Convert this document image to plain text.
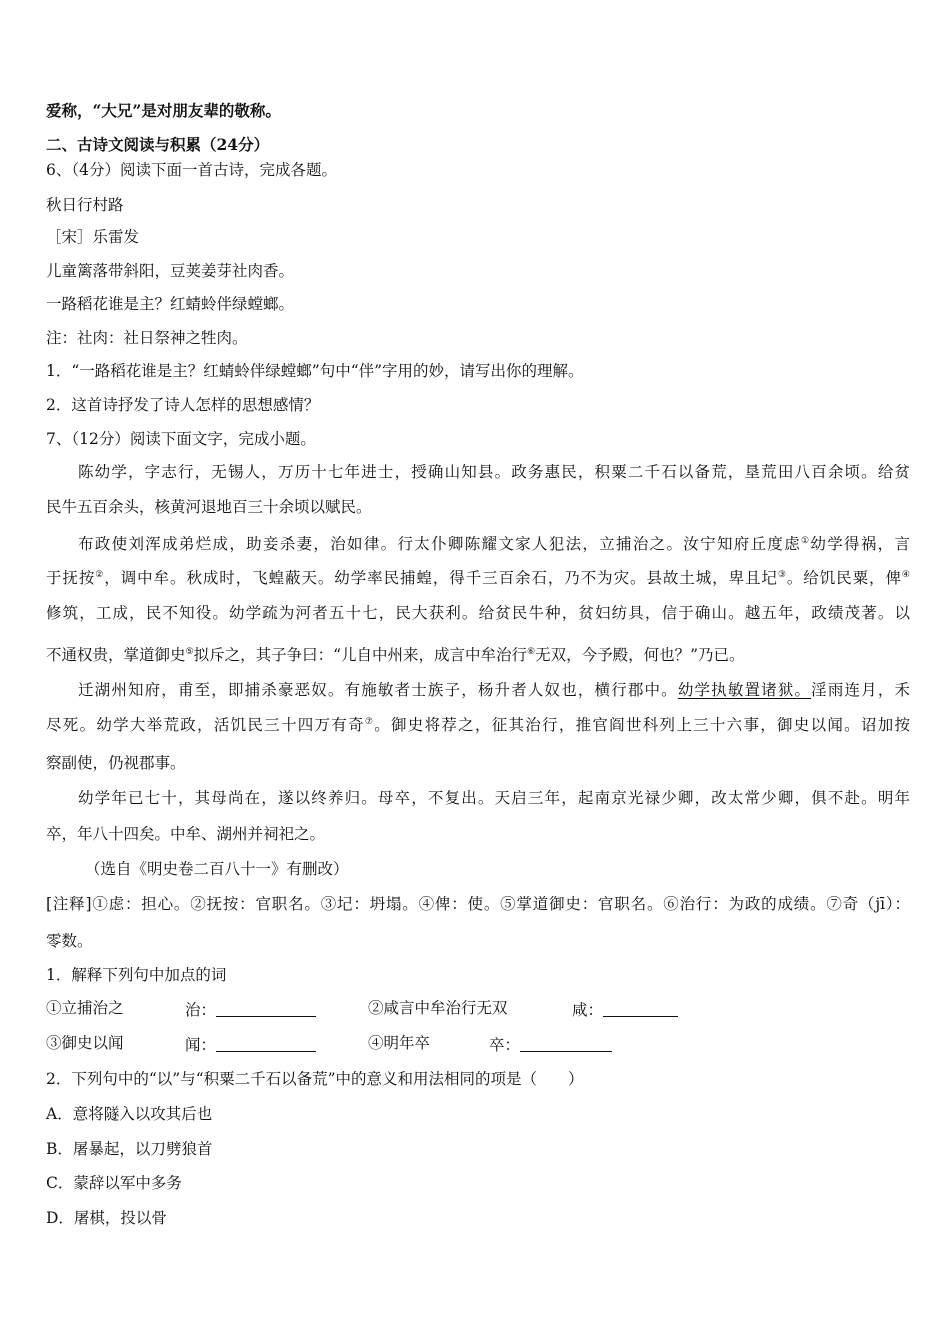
爱称，“大兄”是对朋友辈的敬称。
二、古诗文阅读与积累（24分）
6、（4分）阅读下面一首古诗，完成各题。
秋日行村路
［宋］乐雷发
儿童篱落带斜阳，豆荚姜芽社肉香。
一路稻花谁是主？红蜻蛉伴绿螳螂。
注：社肉：社日祭神之牲肉。
1．“一路稻花谁是主？红蜻蛉伴绿螳螂”句中“伴”字用的妙，请写出你的理解。
2．这首诗抒发了诗人怎样的思想感情？
7、（12分）阅读下面文字，完成小题。
陈幼学，字志行，无锡人，万历十七年进士，授确山知县。政务惠民，积粟二千石以备荒，垦荒田八百余顷。给贫
民牛五百余头，核黄河退地百三十余顷以赋民。
布政使刘浑成弟烂成，助妾杀妻，治如律。行太仆卿陈耀文家人犯法，立捕治之。汝宁知府丘度虑①幼学得祸，言
于抚按②，调中牟。秋成时，飞蝗蔽天。幼学率民捕蝗，得千三百余石，乃不为灾。县故土城，卑且圮③。给饥民粟，俾④
修筑，工成，民不知役。幼学疏为河者五十七，民大获利。给贫民牛种，贫妇纺具，信于确山。越五年，政绩茂著。以
不通权贵，掌道御史⑤拟斥之，其子争曰：“儿自中州来，成言中牟治行⑥无双，今予殿，何也？”乃已。
迁湖州知府，甫至，即捕杀豪恶奴。有施敏者士族子，杨升者人奴也，横行郡中。幼学执敏置诸狱。淫雨连月，禾
尽死。幼学大举荒政，活饥民三十四万有奇⑦。御史将荐之，征其治行，推官阎世科列上三十六事，御史以闻。诏加按
察副使，仍视郡事。
幼学年已七十，其母尚在，遂以终养归。母卒，不复出。天启三年，起南京光禄少卿，改太常少卿，俱不赴。明年
卒，年八十四矣。中牟、湖州并祠祀之。
（选自《明史卷二百八十一》有删改）
[注释]①虑：担心。②抚按：官职名。③圮：坍塌。④俾：使。⑤掌道御史：官职名。⑥治行：为政的成绩。⑦奇（jī）：
零数。
1．解释下列句中加点的词
①立捕治之	治：	②咸言中牟治行无双	咸：
③御史以闻	闻：	④明年卒	卒：
2．下列句中的“以”与“积粟二千石以备荒”中的意义和用法相同的项是（　　）
A．意将隧入以攻其后也
B．屠暴起，以刀劈狼首
C．蒙辞以军中多务
D．屠棋，投以骨
